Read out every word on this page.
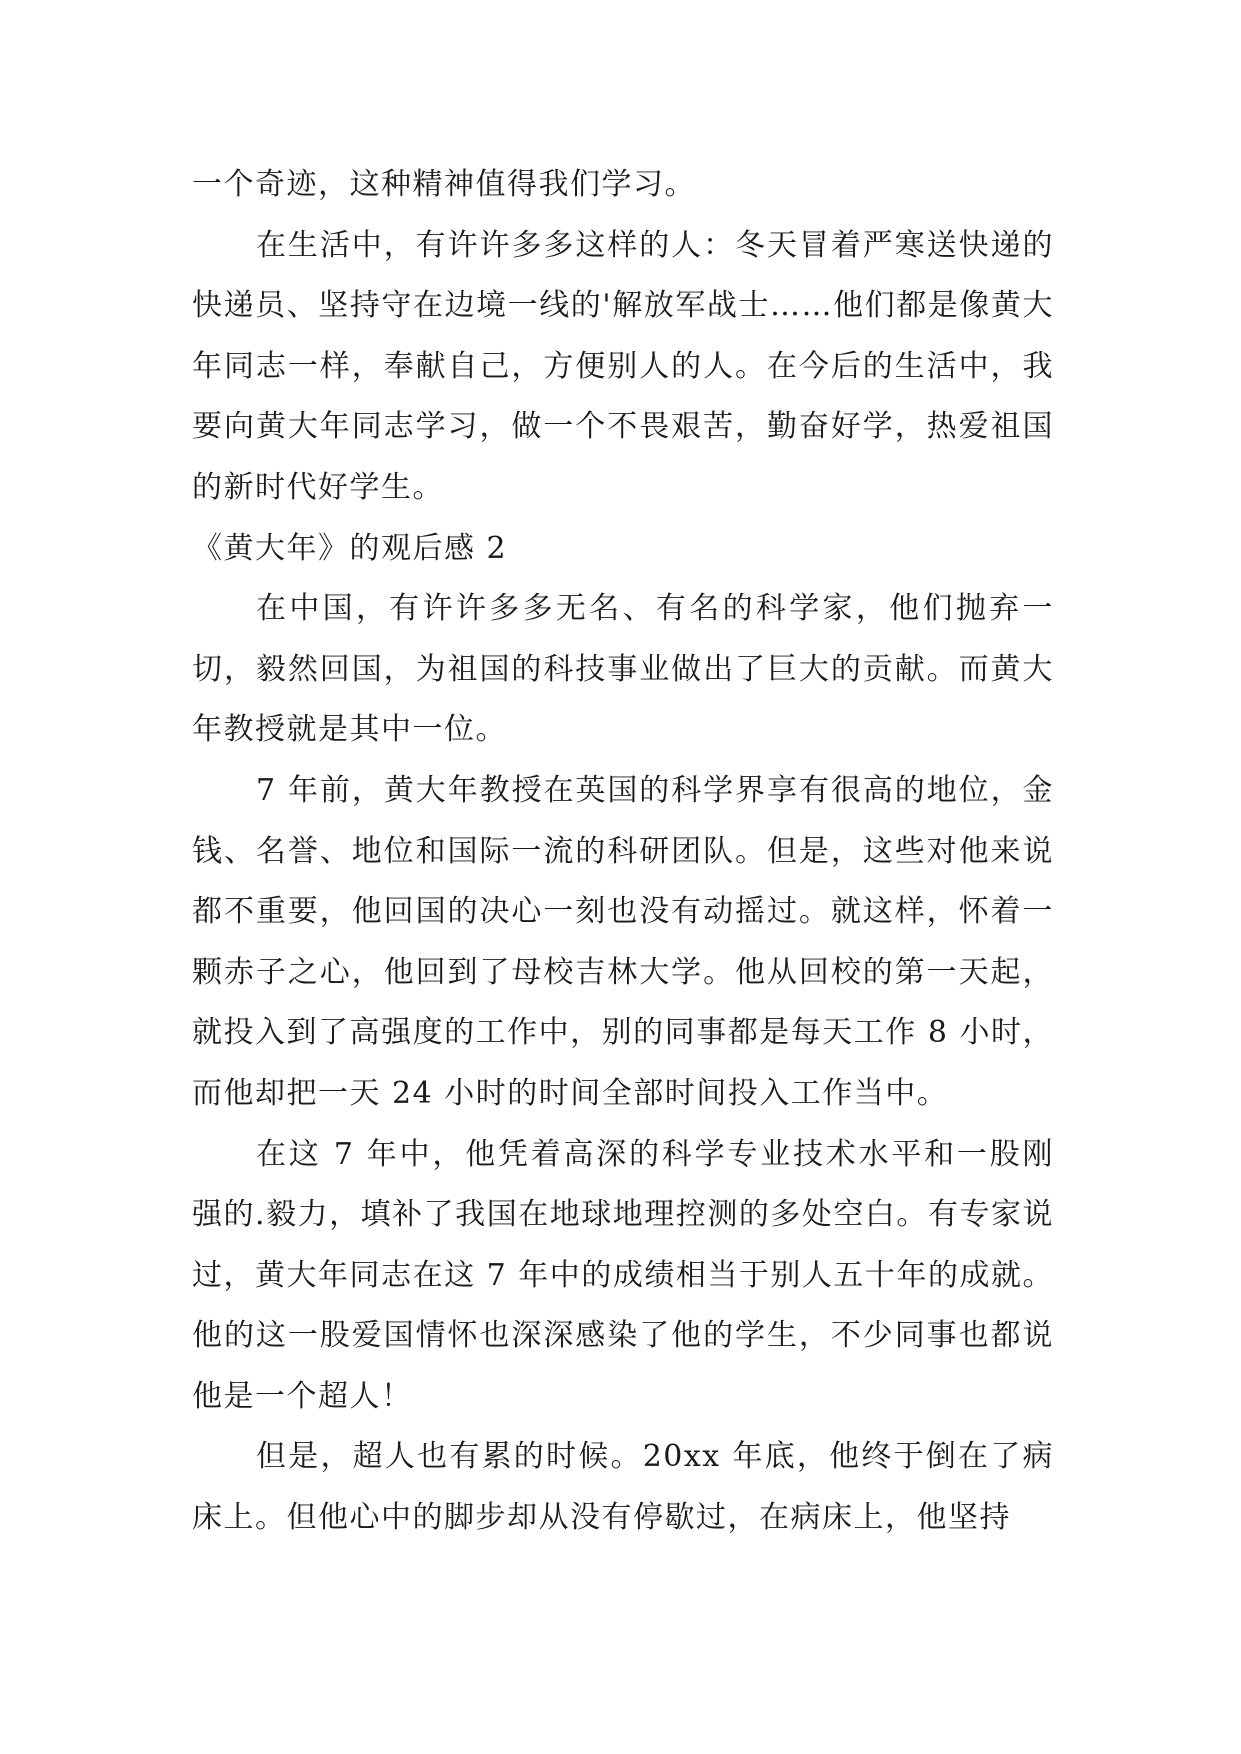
一个奇迹，这种精神值得我们学习。

在生活中，有许许多多这样的人：冬天冒着严寒送快递的快递员、坚持守在边境一线的'解放军战士……他们都是像黄大年同志一样，奉献自己，方便别人的人。在今后的生活中，我要向黄大年同志学习，做一个不畏艰苦，勤奋好学，热爱祖国的新时代好学生。

《黄大年》的观后感 2

在中国，有许许多多无名、有名的科学家，他们抛弃一切，毅然回国，为祖国的科技事业做出了巨大的贡献。而黄大年教授就是其中一位。

7 年前，黄大年教授在英国的科学界享有很高的地位，金钱、名誉、地位和国际一流的科研团队。但是，这些对他来说都不重要，他回国的决心一刻也没有动摇过。就这样，怀着一颗赤子之心，他回到了母校吉林大学。他从回校的第一天起，就投入到了高强度的工作中，别的同事都是每天工作 8 小时，而他却把一天 24 小时的时间全部时间投入工作当中。

在这 7 年中，他凭着高深的科学专业技术水平和一股刚强的.毅力，填补了我国在地球地理控测的多处空白。有专家说过，黄大年同志在这 7 年中的成绩相当于别人五十年的成就。他的这一股爱国情怀也深深感染了他的学生，不少同事也都说他是一个超人！

但是，超人也有累的时候。20xx 年底，他终于倒在了病床上。但他心中的脚步却从没有停歇过，在病床上，他坚持
